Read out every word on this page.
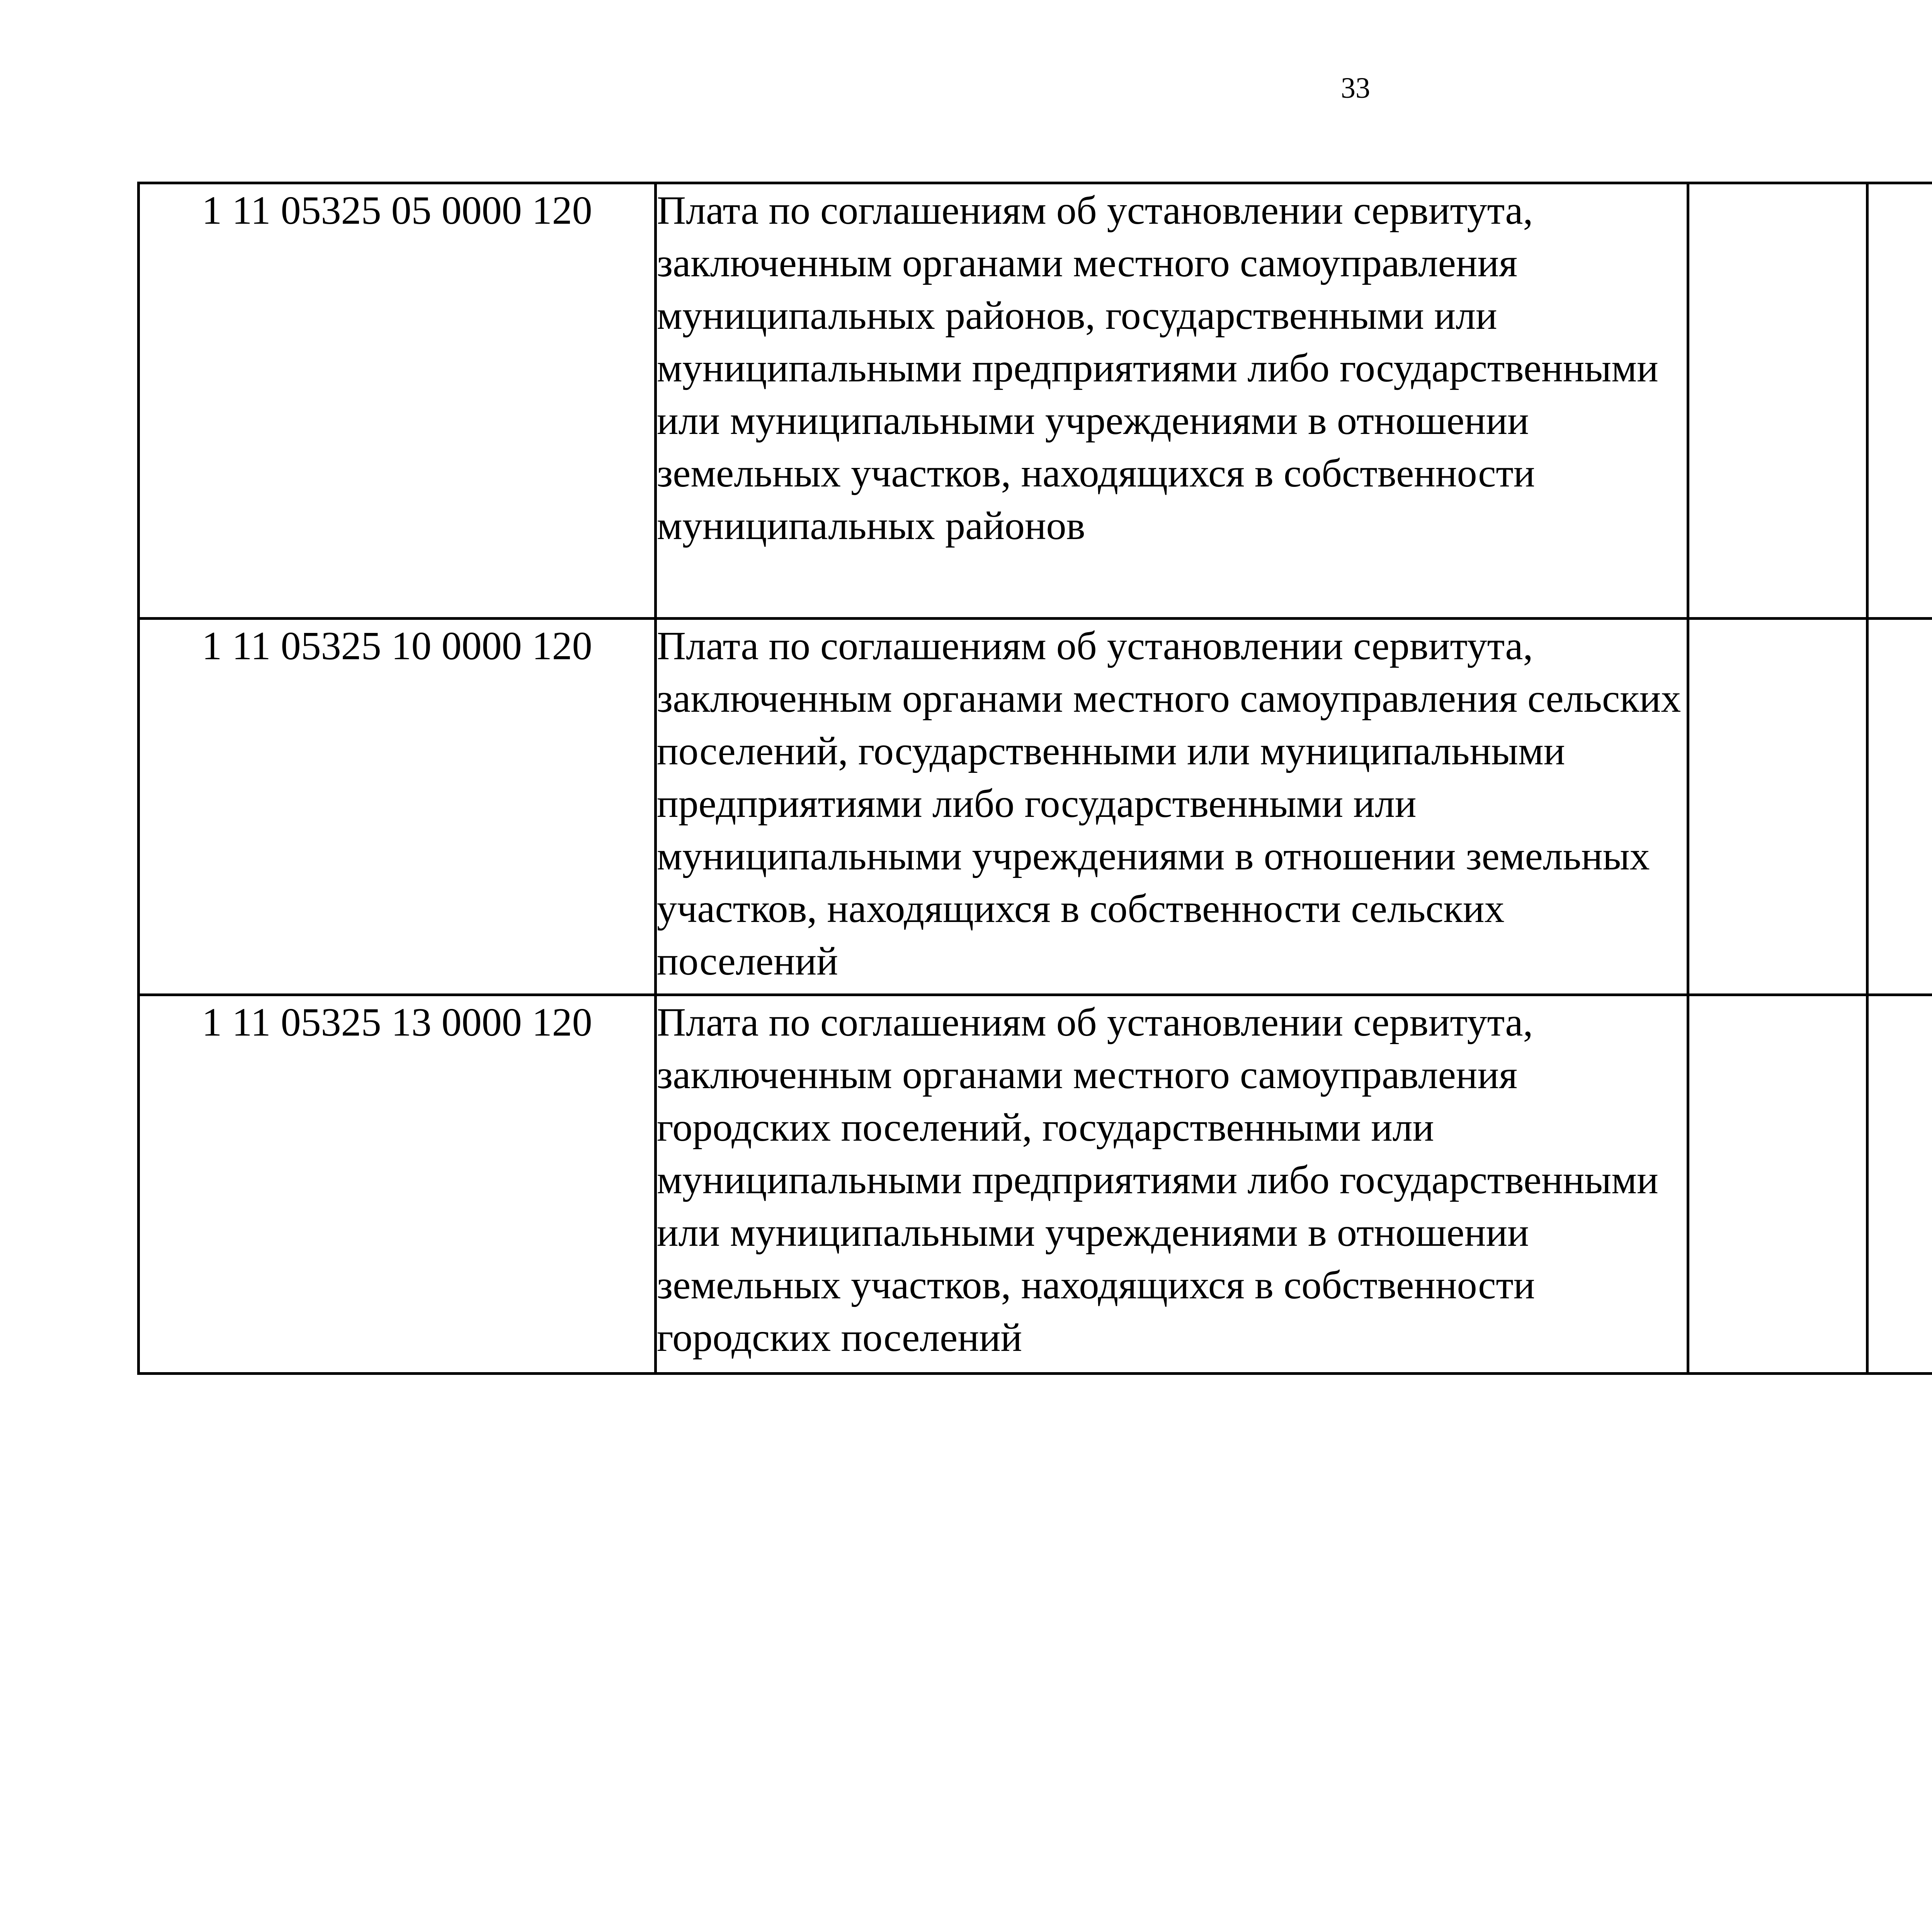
33
1 11 05325 05 0000 120	Плата по соглашениям об установлении сервитута, заключенным органами местного самоуправления муниципальных районов, государственными или муниципальными предприятиями либо государственными или муниципальными учреждениями в отношении земельных участков, находящихся в собственности муниципальных районов					
1 11 05325 10 0000 120	Плата по соглашениям об установлении сервитута, заключенным органами местного самоуправления сельских поселений, государственными или муниципальными предприятиями либо государственными или муниципальными учреждениями в отношении земельных участков, находящихся в собственности сельских поселений					
1 11 05325 13 0000 120	Плата по соглашениям об установлении сервитута, заключенным органами местного самоуправления городских поселений, государственными или муниципальными предприятиями либо государственными или муниципальными учреждениями в отношении земельных участков, находящихся в собственности городских поселений					
